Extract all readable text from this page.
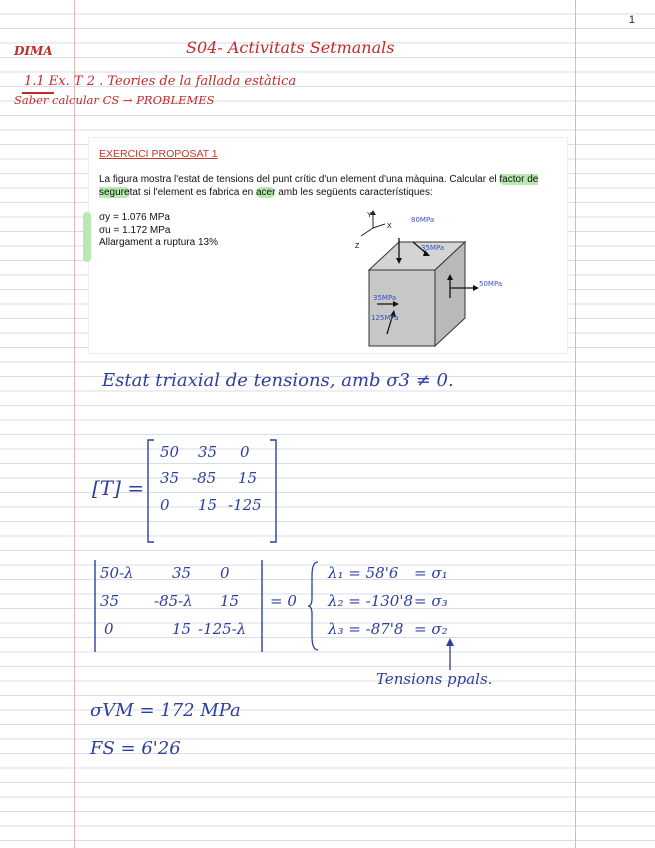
1
DIMA	S04- Activitats Setmanals
1.1 Ex. T 2 . Teories de la fallada estàtica
Saber calcular CS → PROBLEMES
EXERCICI PROPOSAT 1
La figura mostra l'estat de tensions del punt crític d'un element d'una màquina. Calcular el factor de seguretat si l'element es fabrica en acer amb les següents característiques:
σy = 1.076 MPa
σu = 1.172 MPa
Allargament a ruptura 13%
Y
X
Z
80MPa
35MPa
50MPa
35MPa
125MPa
Estat triaxial de tensions, amb σ3 ≠ 0.
[T] =
50 35 0
35 -85 15
0 15 -125
50-λ	35 0
35 -85-λ 15
0	15 -125-λ
= 0
λ₁ = 58'6 = σ₁
λ₂ = -130'8 = σ₃
λ₃ = -87'8 = σ₂
Tensions ppals.
σVM = 172 MPa
FS = 6'26
